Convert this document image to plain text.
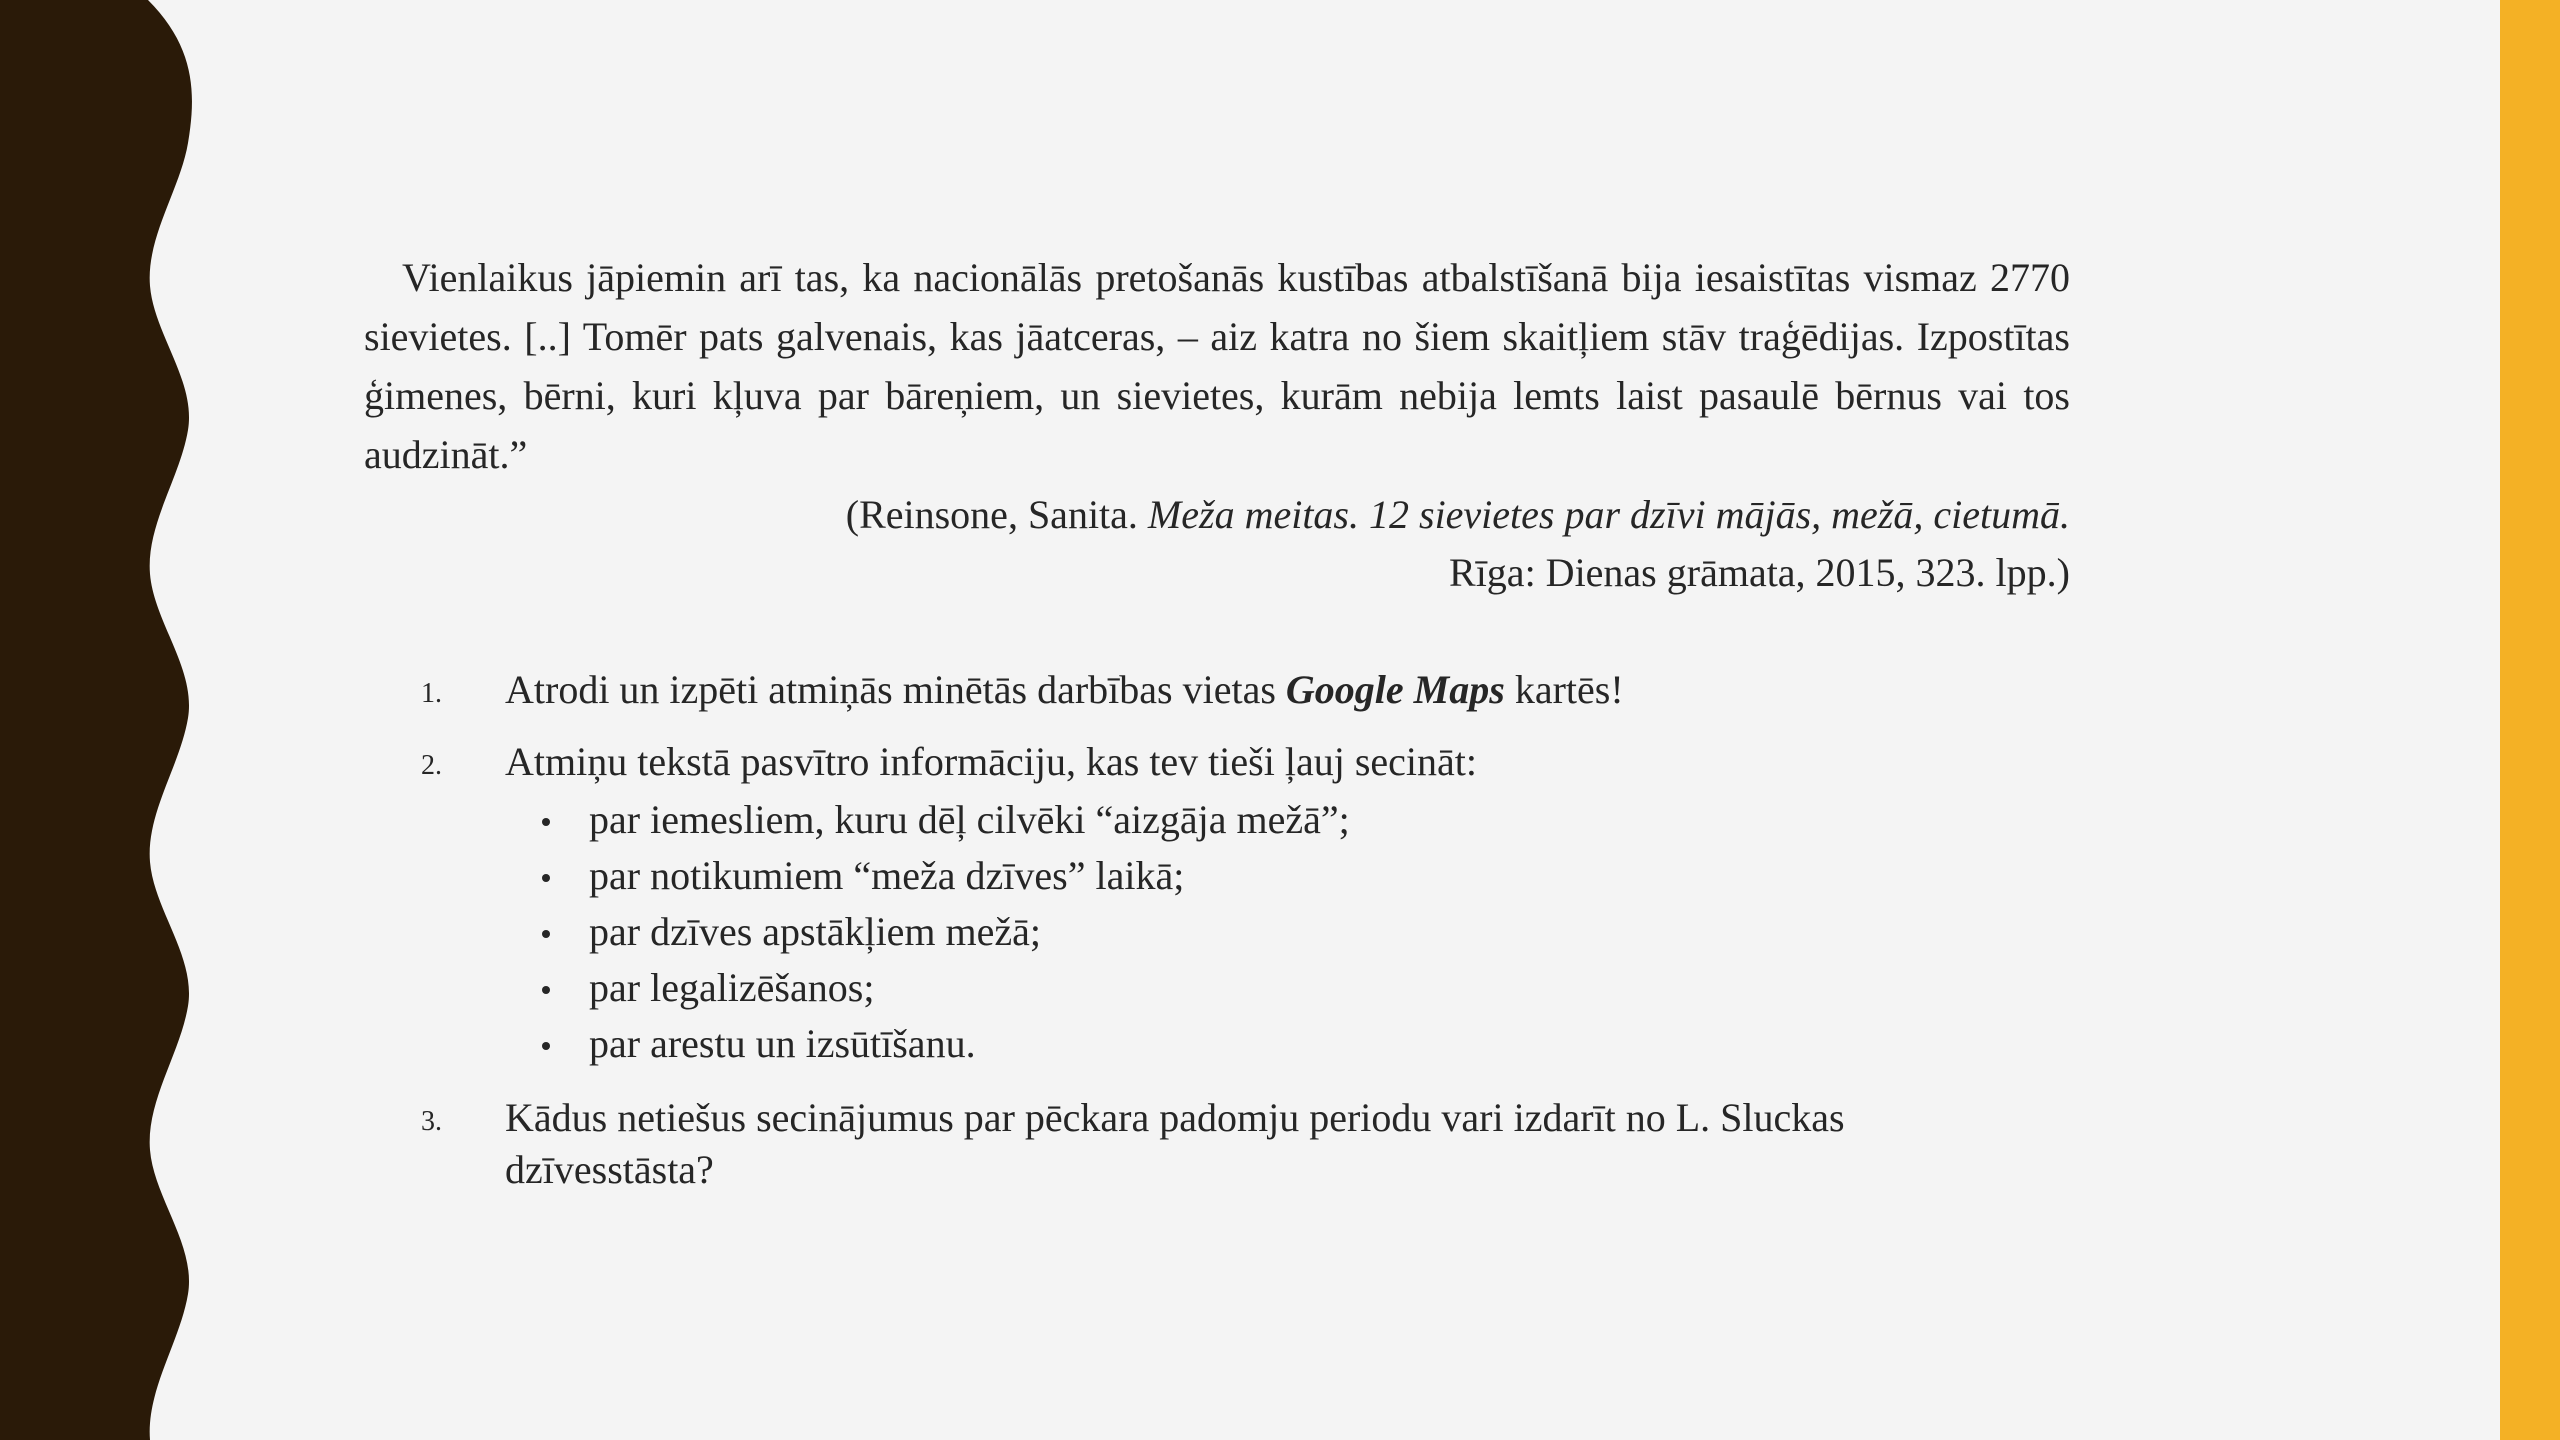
Vienlaikus jāpiemin arī tas, ka nacionālās pretošanās kustības atbalstīšanā bija iesaistītas vismaz 2770 sievietes. [..] Tomēr pats galvenais, kas jāatceras, – aiz katra no šiem skaitļiem stāv traģēdijas. Izpostītas ģimenes, bērni, kuri kļuva par bāreņiem, un sievietes, kurām nebija lemts laist pasaulē bērnus vai tos audzināt.”

(Reinsone, Sanita. Meža meitas. 12 sievietes par dzīvi mājās, mežā, cietumā.
Rīga: Dienas grāmata, 2015, 323. lpp.)
1. Atrodi un izpēti atmiņās minētās darbības vietas Google Maps kartēs!
2. Atmiņu tekstā pasvītro informāciju, kas tev tieši ļauj secināt:
par iemesliem, kuru dēļ cilvēki “aizgāja mežā”;
par notikumiem “meža dzīves” laikā;
par dzīves apstākļiem mežā;
par legalizēšanos;
par arestu un izsūtīšanu.
3. Kādus netiešus secinājumus par pēckara padomju periodu vari izdarīt no L. Sluckas dzīvesstāsta?
